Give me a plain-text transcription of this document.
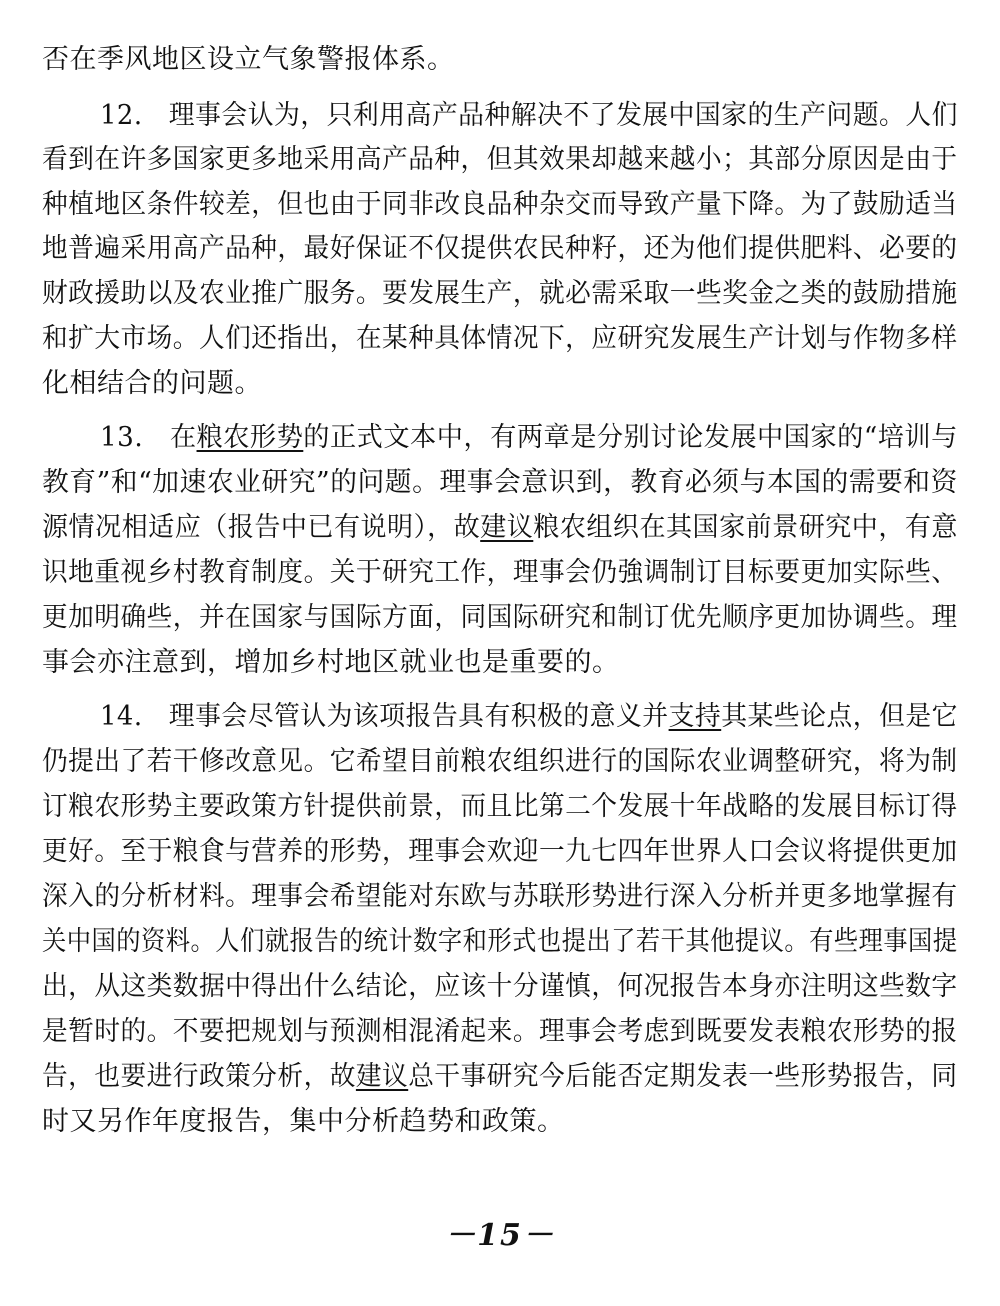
否在季风地区设立气象警报体系。
12.　理事会认为，只利用高产品种解决不了发展中国家的生产问题。人们
看到在许多国家更多地采用高产品种，但其效果却越来越小；其部分原因是由于
种植地区条件较差，但也由于同非改良品种杂交而导致产量下降。为了鼓励适当
地普遍采用高产品种，最好保证不仅提供农民种籽，还为他们提供肥料、必要的
财政援助以及农业推广服务。要发展生产，就必需采取一些奖金之类的鼓励措施
和扩大市场。人们还指出，在某种具体情况下，应研究发展生产计划与作物多样
化相结合的问题。
13.　在粮农形势的正式文本中，有两章是分别讨论发展中国家的“培训与
教育”和“加速农业研究”的问题。理事会意识到，教育必须与本国的需要和资
源情况相适应（报告中已有说明），故建议粮农组织在其国家前景研究中，有意
识地重视乡村教育制度。关于研究工作，理事会仍強调制订目标要更加实际些、
更加明确些，并在国家与国际方面，同国际研究和制订优先顺序更加协调些。理
事会亦注意到，增加乡村地区就业也是重要的。
14.　理事会尽管认为该项报告具有积极的意义并支持其某些论点，但是它
仍提出了若干修改意见。它希望目前粮农组织进行的国际农业调整研究，将为制
订粮农形势主要政策方针提供前景，而且比第二个发展十年战略的发展目标订得
更好。至于粮食与营养的形势，理事会欢迎一九七四年世界人口会议将提供更加
深入的分析材料。理事会希望能对东欧与苏联形势进行深入分析并更多地掌握有
关中国的资料。人们就报告的统计数字和形式也提出了若干其他提议。有些理事国提
出，从这类数据中得出什么结论，应该十分谨慎，何况报告本身亦注明这些数字
是暂时的。不要把规划与预测相混淆起来。理事会考虑到既要发表粮农形势的报
告，也要进行政策分析，故建议总干事研究今后能否定期发表一些形势报告，同
时又另作年度报告，集中分析趋势和政策。
－15－
